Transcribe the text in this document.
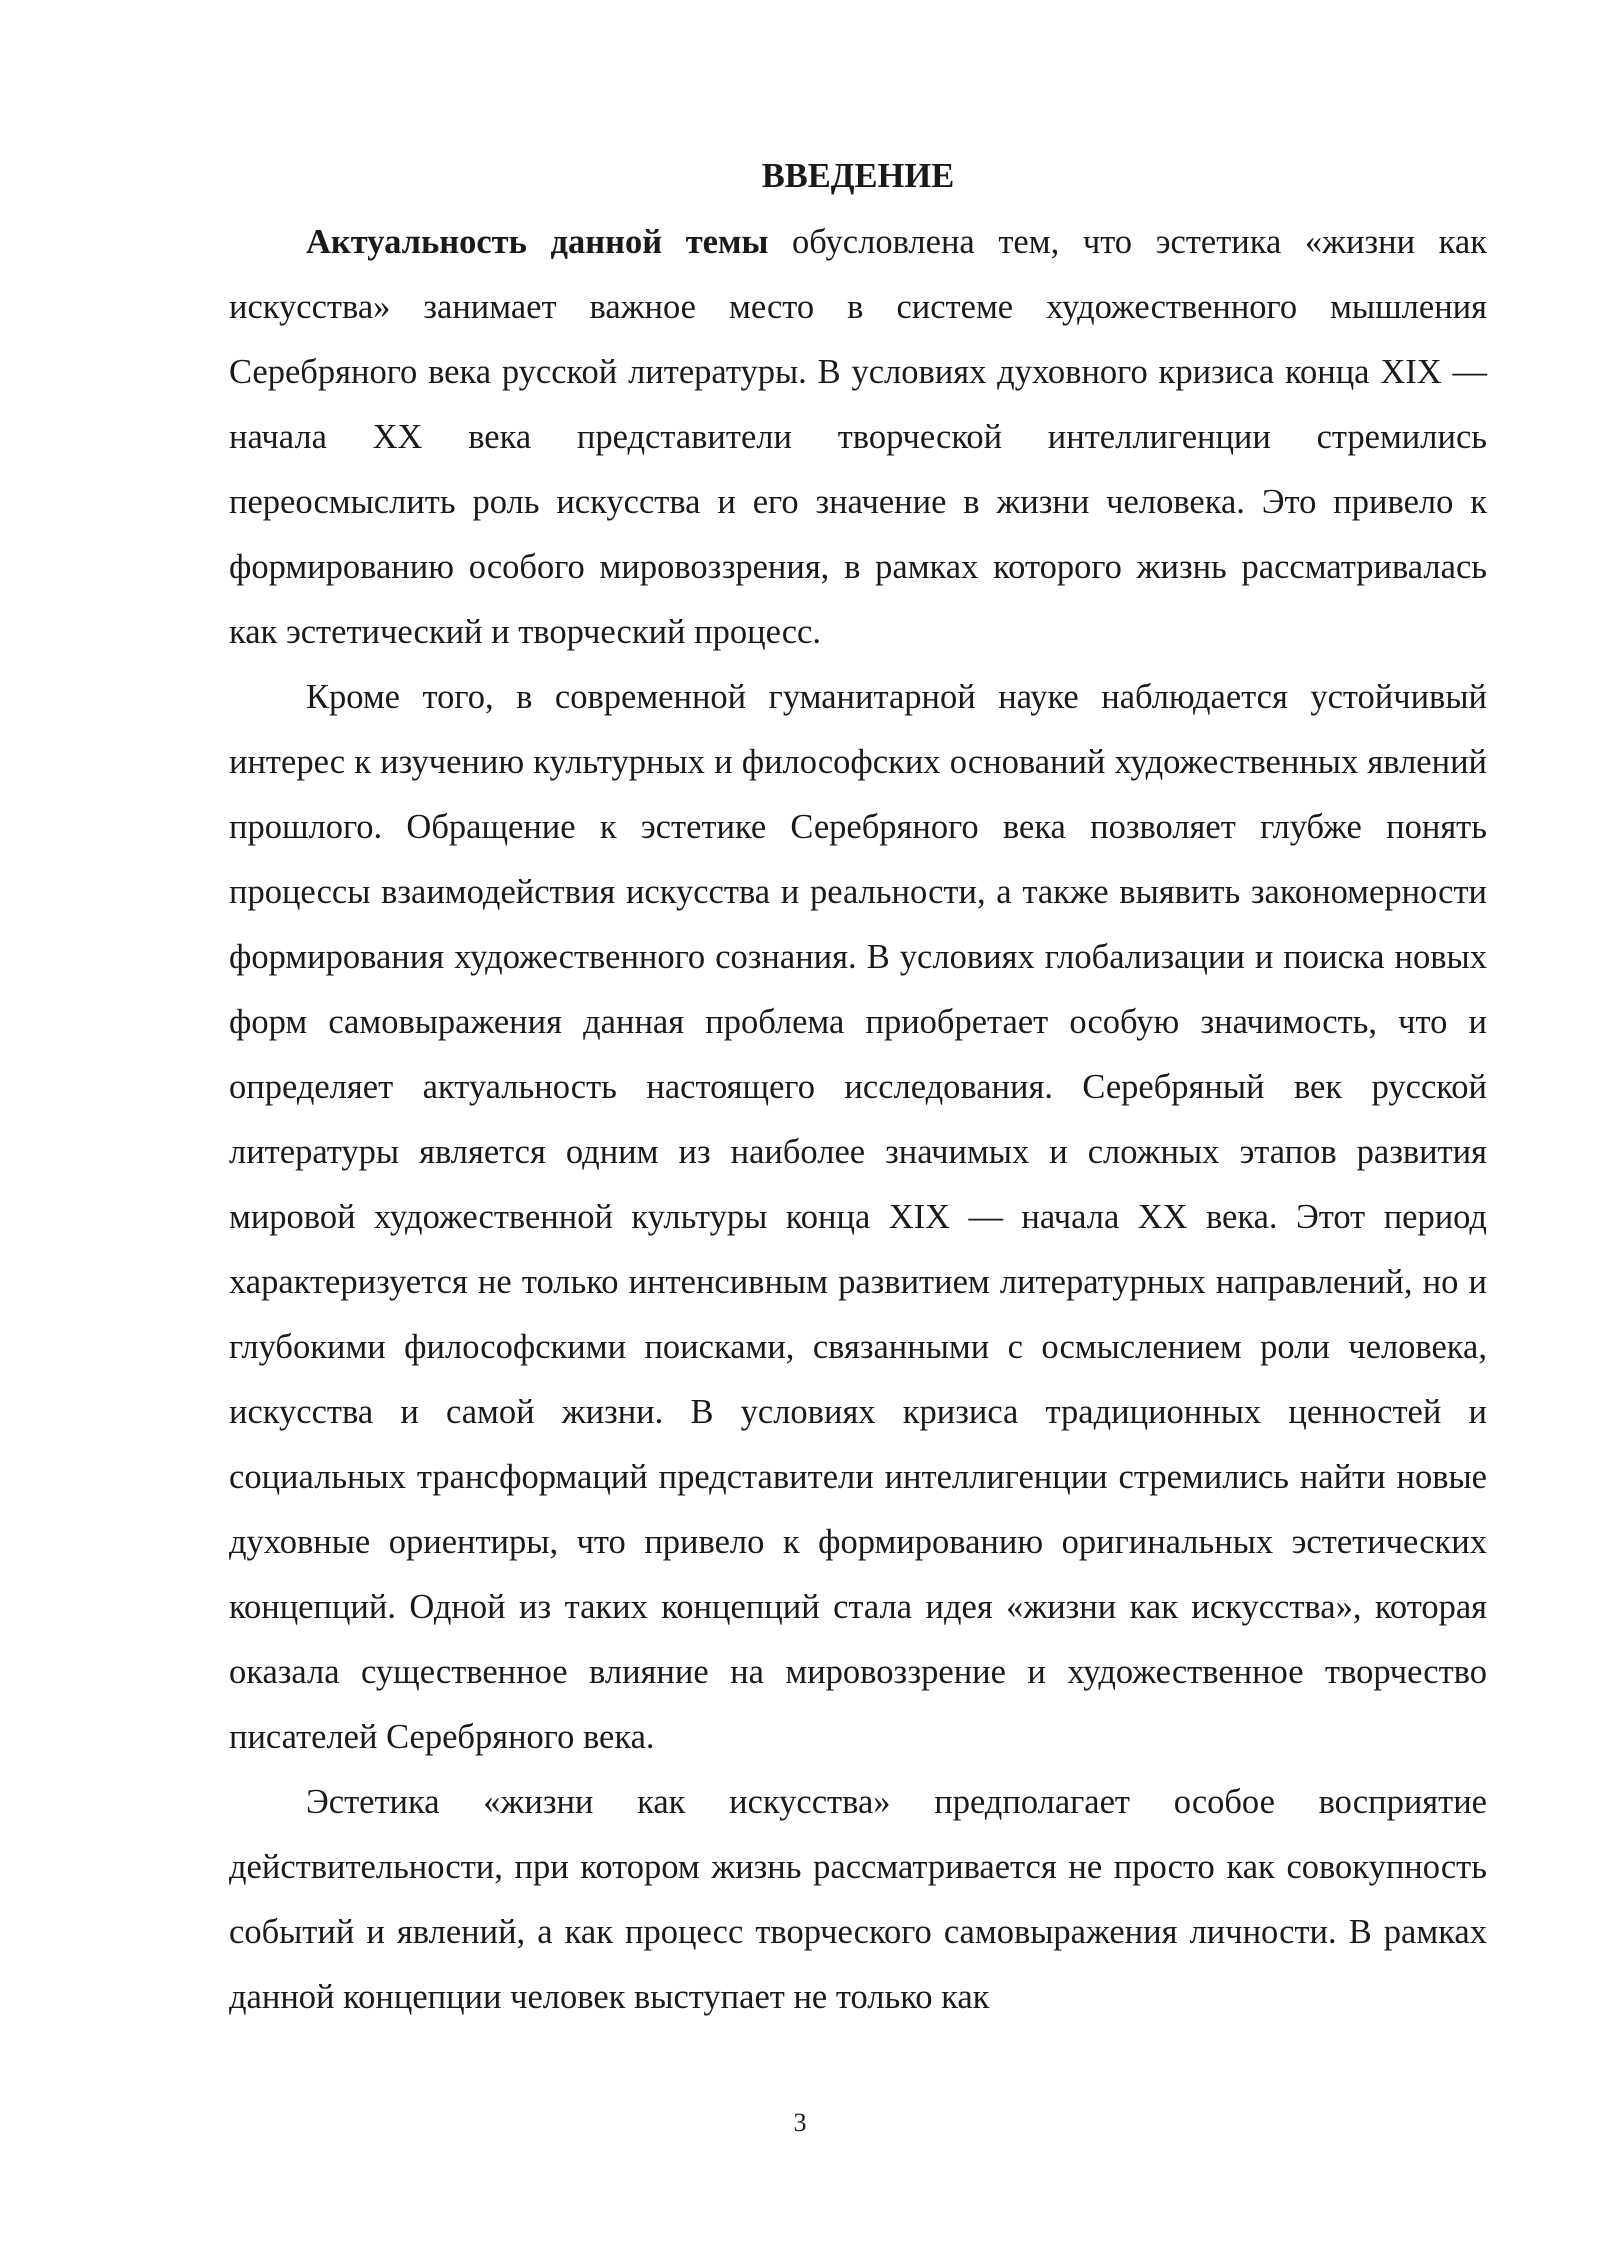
ВВЕДЕНИЕ

Актуальность данной темы обусловлена тем, что эстетика «жизни как искусства» занимает важное место в системе художественного мышления Серебряного века русской литературы. В условиях духовного кризиса конца XIX — начала XX века представители творческой интеллигенции стремились переосмыслить роль искусства и его значение в жизни человека. Это привело к формированию особого мировоззрения, в рамках которого жизнь рассматривалась как эстетический и творческий процесс.

Кроме того, в современной гуманитарной науке наблюдается устойчивый интерес к изучению культурных и философских оснований художественных явлений прошлого. Обращение к эстетике Серебряного века позволяет глубже понять процессы взаимодействия искусства и реальности, а также выявить закономерности формирования художественного сознания. В условиях глобализации и поиска новых форм самовыражения данная проблема приобретает особую значимость, что и определяет актуальность настоящего исследования. Серебряный век русской литературы является одним из наиболее значимых и сложных этапов развития мировой художественной культуры конца XIX — начала XX века. Этот период характеризуется не только интенсивным развитием литературных направлений, но и глубокими философскими поисками, связанными с осмыслением роли человека, искусства и самой жизни. В условиях кризиса традиционных ценностей и социальных трансформаций представители интеллигенции стремились найти новые духовные ориентиры, что привело к формированию оригинальных эстетических концепций. Одной из таких концепций стала идея «жизни как искусства», которая оказала существенное влияние на мировоззрение и художественное творчество писателей Серебряного века.

Эстетика «жизни как искусства» предполагает особое восприятие действительности, при котором жизнь рассматривается не просто как совокупность событий и явлений, а как процесс творческого самовыражения личности. В рамках данной концепции человек выступает не только как

3
